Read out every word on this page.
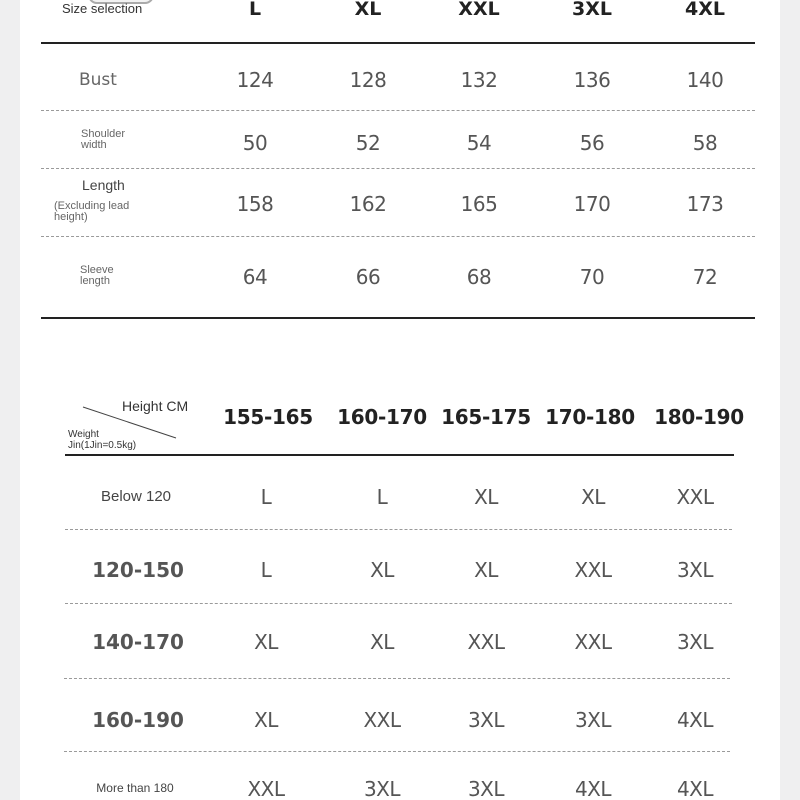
Size selection	L	XL	XXL	3XL	4XL
Bust	124	128	132	136	140
Shoulder
width	50	52	54	56	58
Length
(Excluding lead
height)
158	162	165	170	173
Sleeve
length	64	66	68	70	72
Height CM
Weight
Jin(1Jin=0.5kg)
155-165 160-170 165-175 170-180 180-190
Below 120	L	L	XL	XL	XXL
120-150	L	XL	XL	XXL	3XL
140-170	XL	XL	XXL	XXL	3XL
160-190	XL	XXL	3XL	3XL	4XL
More than 180	XXL	3XL	3XL	4XL	4XL
